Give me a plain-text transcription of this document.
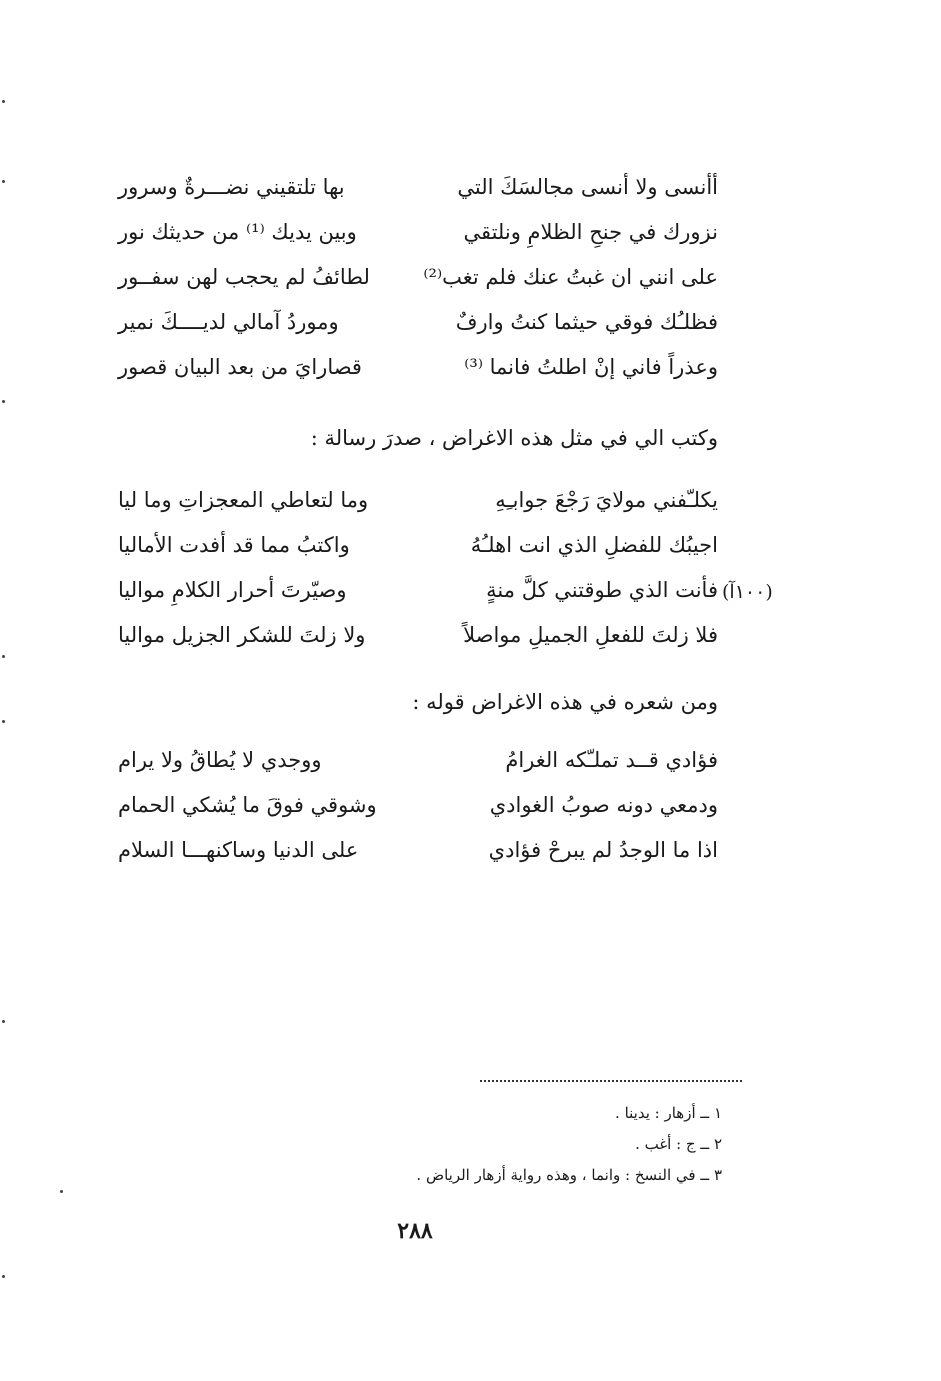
أأنسى ولا أنسى مجالسَكَ التي
بها تلتقيني نضـــرةٌ وسرور
نزورك في جنحِ الظلامِ ونلتقي
وبين يديك ⁽¹⁾ من حديثك نور
على انني ان غبتُ عنك فلم تغب⁽²⁾
لطائفُ لم يحجب لهن سفــور
فظلـُك فوقي حيثما كنتُ وارفٌ
وموردُ آمالي لديــــكَ نمير
وعذراً فاني إنْ اطلتُ فانما ⁽³⁾
قصارايَ من بعد البيان قصور
وكتب الي في مثل هذه الاغراض ، صدرَ رسالة :
يكلـّفني مولايَ رَجْعَ جوابـِهِ
وما لتعاطي المعجزاتِ وما ليا
اجيبُك للفضلِ الذي انت اهلـُهُ
واكتبُ مما قد أفدت الأماليا
فأنت الذي طوقتني كلَّ منةٍ
وصيّرتَ أحرار الكلامِ مواليا
فلا زلتَ للفعلِ الجميلِ مواصلاً
ولا زلتَ للشكر الجزيل مواليا
(١٠٠آ)
ومن شعره في هذه الاغراض قوله :
فؤادي قــد تملـّكه الغرامُ
ووجدي لا يُطاقُ ولا يرام
ودمعي دونه صوبُ الغوادي
وشوقي فوقَ ما يُشكي الحمام
اذا ما الوجدُ لم يبرحْ فؤادي
على الدنيا وساكنهـــا السلام
١ ــ أزهار : يدينا .
٢ ــ ج : أغب .
٣ ــ في النسخ : وانما ، وهذه رواية أزهار الرياض .
٢٨٨
